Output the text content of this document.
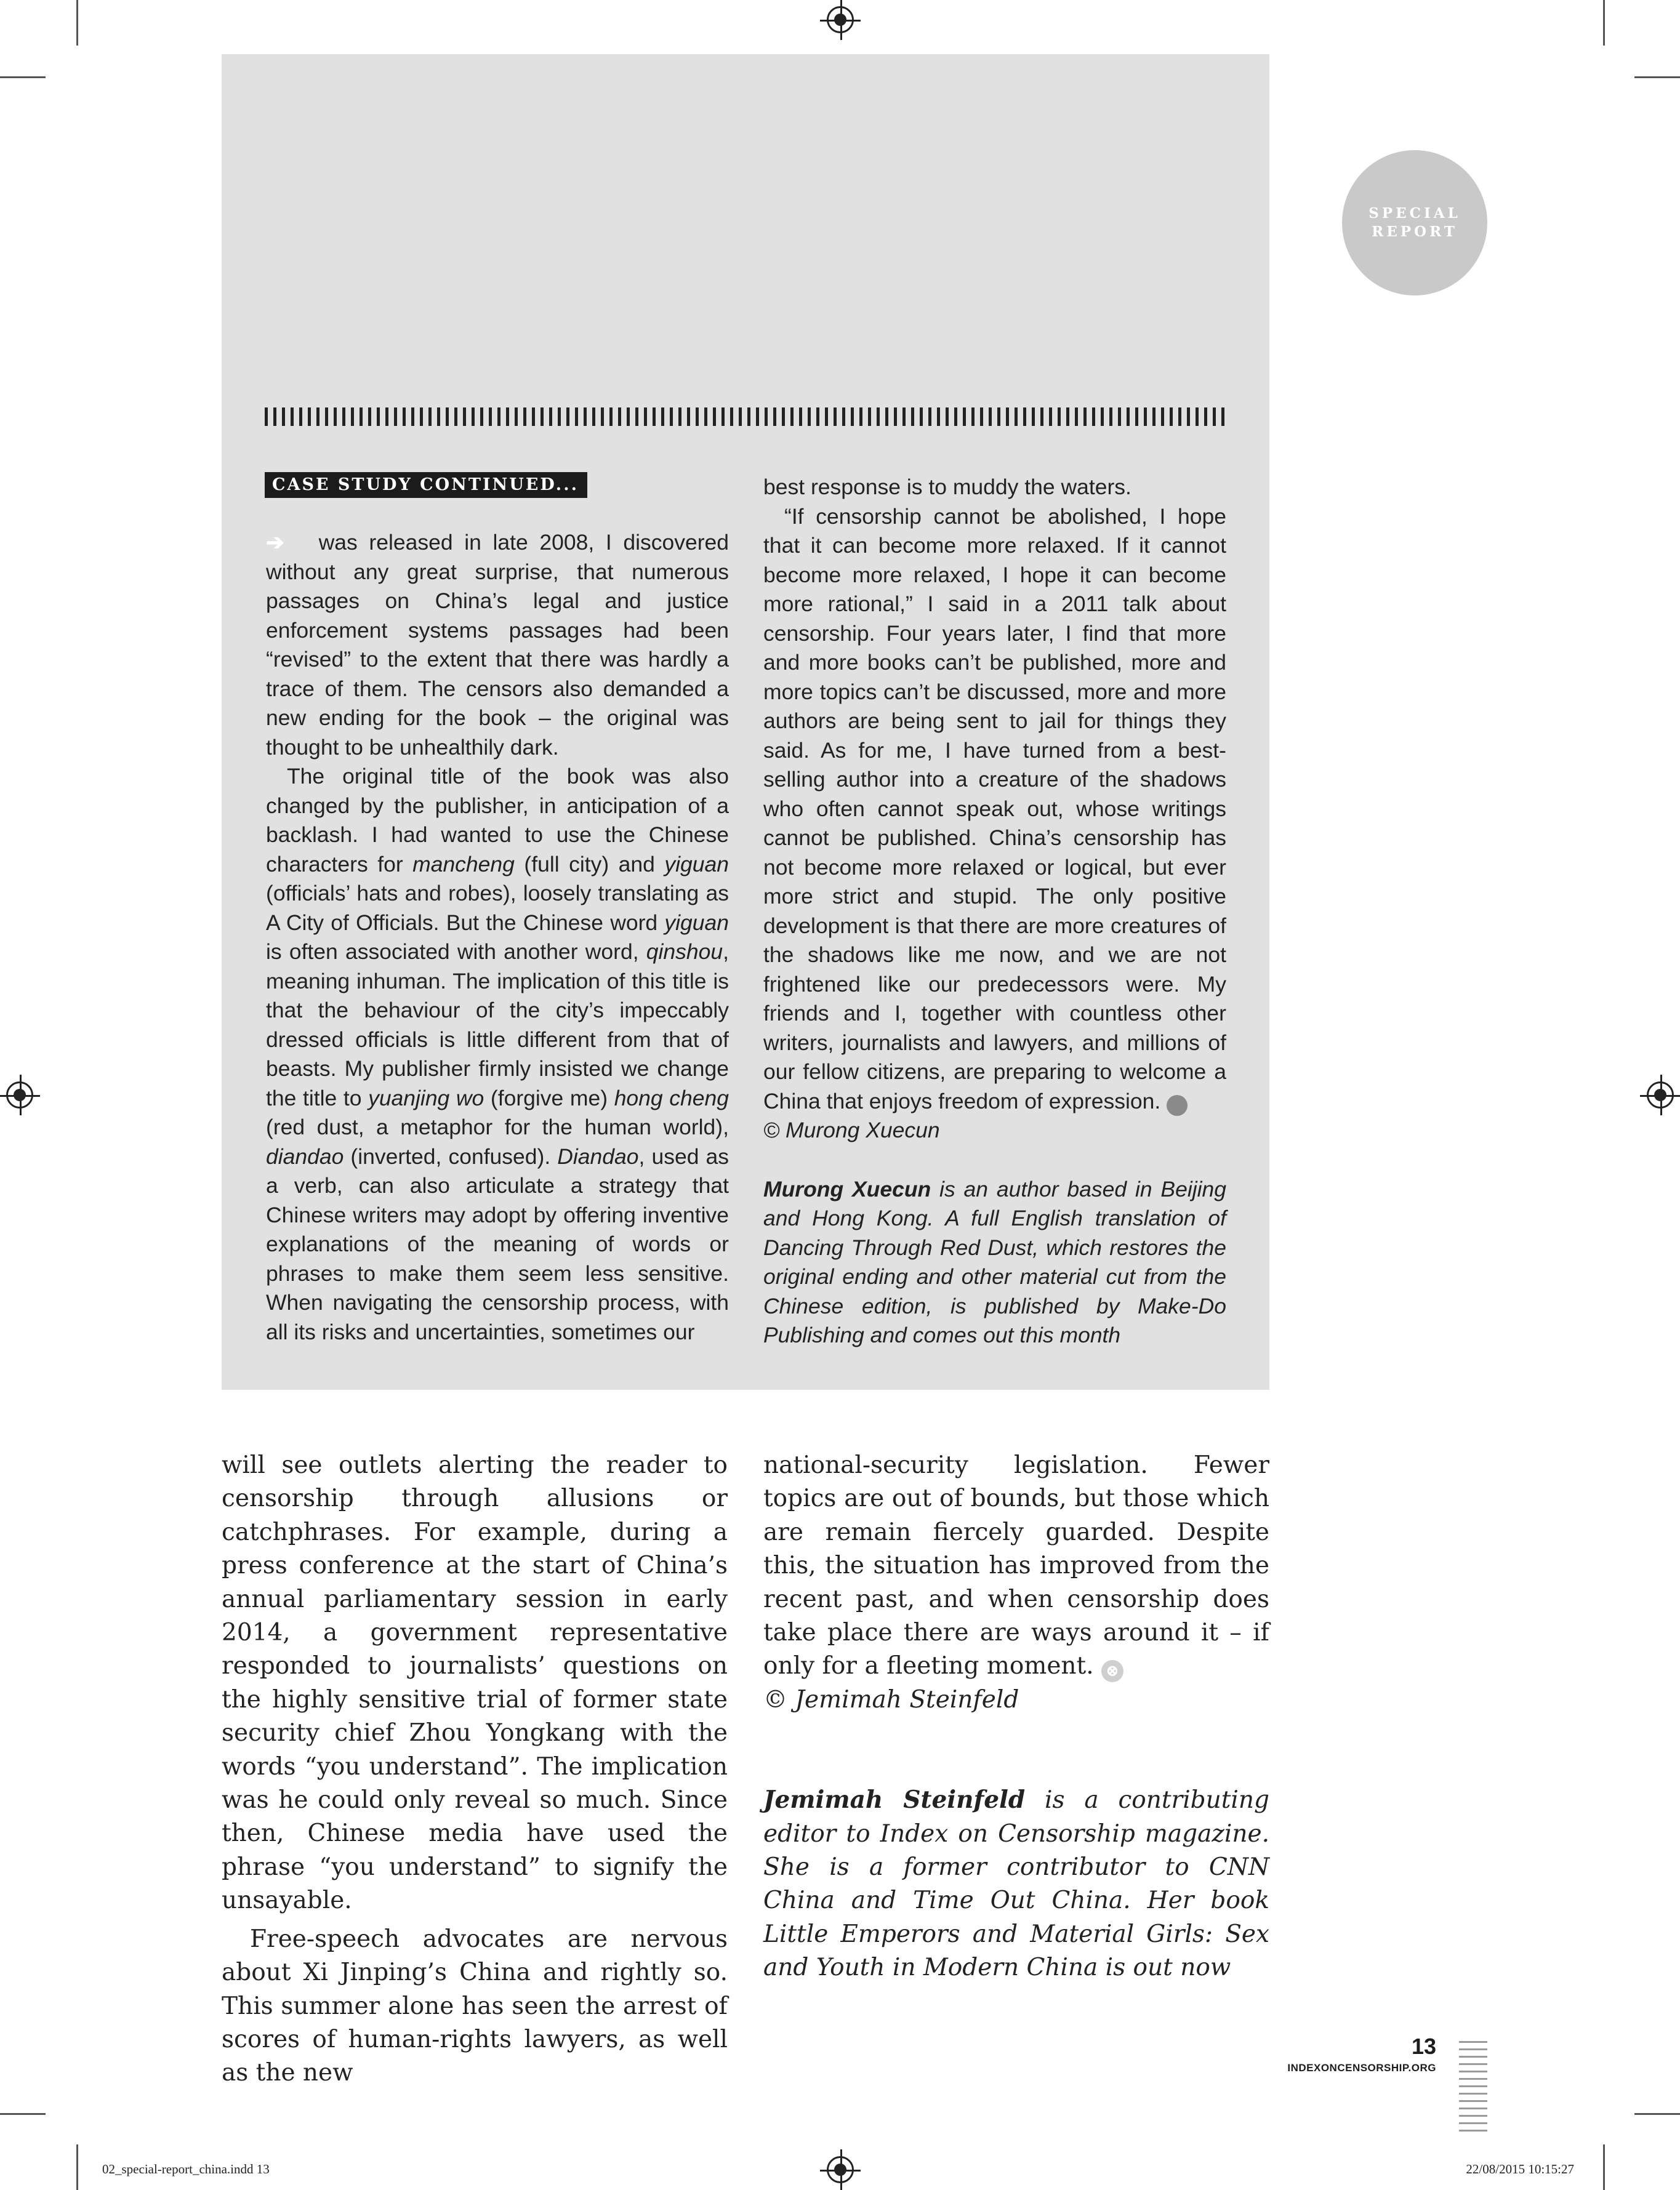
SPECIAL
REPORT
CASE STUDY CONTINUED...

➔ was released in late 2008, I discovered without any great surprise, that numerous passages on China’s legal and justice enforcement systems passages had been “revised” to the extent that there was hardly a trace of them. The censors also demanded a new ending for the book – the original was thought to be unhealthily dark.

The original title of the book was also changed by the publisher, in anticipation of a backlash. I had wanted to use the Chinese characters for mancheng (full city) and yiguan (officials’ hats and robes), loosely translating as A City of Officials. But the Chinese word yiguan is often associated with another word, qinshou, meaning inhuman. The implication of this title is that the behaviour of the city’s impeccably dressed officials is little different from that of beasts. My publisher firmly insisted we change the title to yuanjing wo (forgive me) hong cheng (red dust, a metaphor for the human world), diandao (inverted, confused). Diandao, used as a verb, can also articulate a strategy that Chinese writers may adopt by offering inventive explanations of the meaning of words or phrases to make them seem less sensitive. When navigating the censorship process, with all its risks and uncertainties, sometimes our

best response is to muddy the waters.

“If censorship cannot be abolished, I hope that it can become more relaxed. If it cannot become more relaxed, I hope it can become more rational,” I said in a 2011 talk about censorship. Four years later, I find that more and more books can’t be published, more and more topics can’t be discussed, more and more authors are being sent to jail for things they said. As for me, I have turned from a best-selling author into a creature of the shadows who often cannot speak out, whose writings cannot be published. China’s censorship has not become more relaxed or logical, but ever more strict and stupid. The only positive development is that there are more creatures of the shadows like me now, and we are not frightened like our predecessors were. My friends and I, together with countless other writers, journalists and lawyers, and millions of our fellow citizens, are preparing to welcome a China that enjoys freedom of expression. ⊗

© Murong Xuecun

Murong Xuecun is an author based in Beijing and Hong Kong. A full English translation of Dancing Through Red Dust, which restores the original ending and other material cut from the Chinese edition, is published by Make-Do Publishing and comes out this month

will see outlets alerting the reader to censorship through allusions or catchphrases. For example, during a press conference at the start of China’s annual parliamentary session in early 2014, a government representative responded to journalists’ questions on the highly sensitive trial of former state security chief Zhou Yongkang with the words “you understand”. The implication was he could only reveal so much. Since then, Chinese media have used the phrase “you understand” to signify the unsayable.

Free-speech advocates are nervous about Xi Jinping’s China and rightly so. This summer alone has seen the arrest of scores of human-rights lawyers, as well as the new

national-security legislation. Fewer topics are out of bounds, but those which are remain fiercely guarded. Despite this, the situation has improved from the recent past, and when censorship does take place there are ways around it – if only for a fleeting moment. ⊗

© Jemimah Steinfeld

Jemimah Steinfeld is a contributing editor to Index on Censorship magazine. She is a former contributor to CNN China and Time Out China. Her book Little Emperors and Material Girls: Sex and Youth in Modern China is out now

13
INDEXONCENSORSHIP.ORG
02_special-report_china.indd 13	22/08/2015 10:15:27
